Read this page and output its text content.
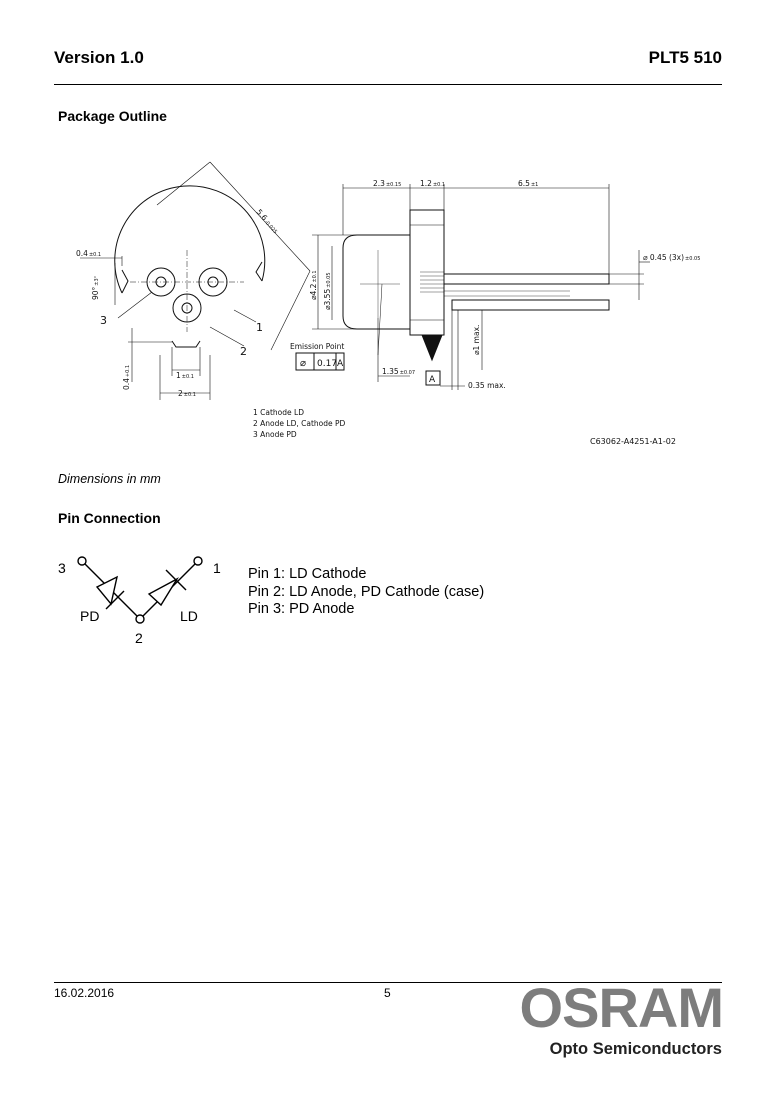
Version 1.0	PLT5 510
Package Outline
5.6-0.025
0.4±0.1
90°±3°
3
1
2
0.4+0.1	1±0.1
2±0.1
2.3±0.15 1.2±0.1	6.5±1
⌀ 0.45 (3x)±0.05
⌀4.2±0.1
⌀3.55±0.05
⌀1 max.
Emission Point
⌀ 0.17 A
1.35±0.07
A
0.35 max.
1 Cathode LD
2 Anode LD, Cathode PD
3 Anode PD
C63062-A4251-A1-02
Dimensions in mm
Pin Connection
3	1
PD	LD
2
Pin 1: LD Cathode
Pin 2: LD Anode, PD Cathode (case)
Pin 3: PD Anode
16.02.2016	5 OSRAM
Opto Semiconductors
